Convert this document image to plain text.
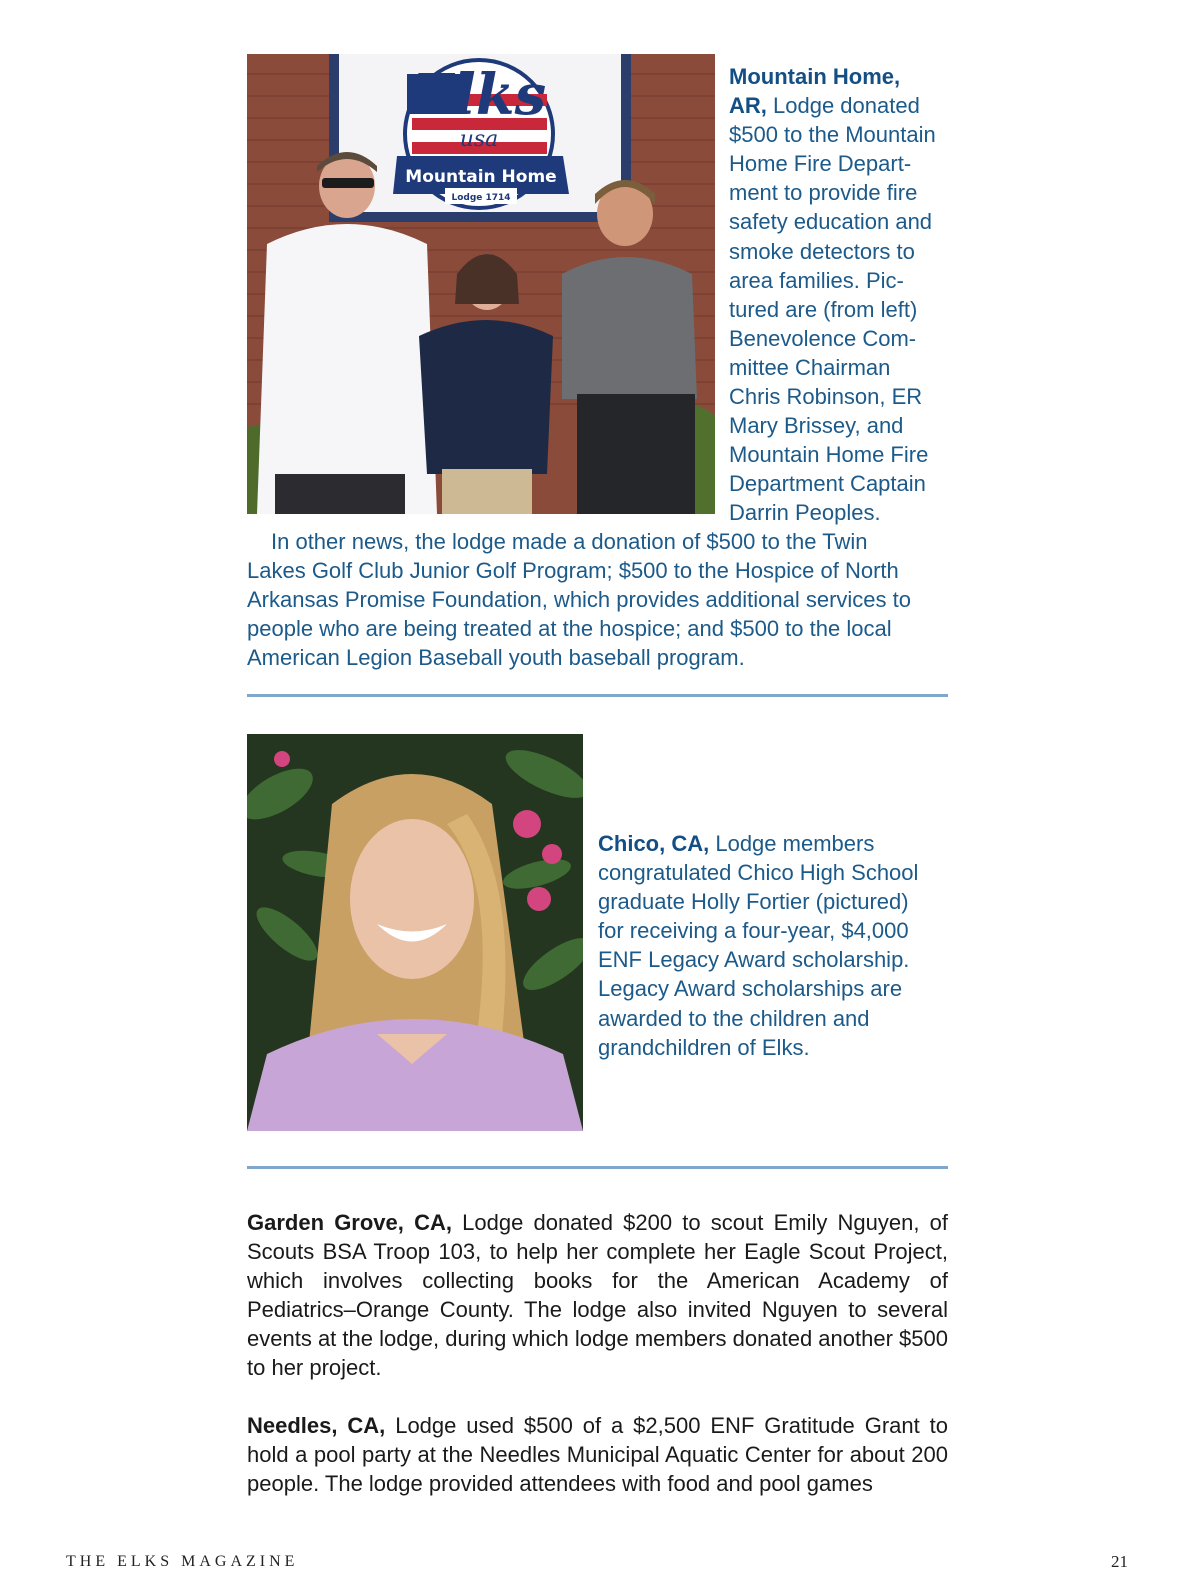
Elks
usa
Mountain Home
Lodge 1714
Mountain Home,
AR, Lodge donated
$500 to the Mountain
Home Fire Depart-
ment to provide fire
safety education and
smoke detectors to
area families. Pic-
tured are (from left)
Benevolence Com-
mittee Chairman
Chris Robinson, ER
Mary Brissey, and
Mountain Home Fire
Department Captain
Darrin Peoples.
In other news, the lodge made a donation of $500 to the Twin
Lakes Golf Club Junior Golf Program; $500 to the Hospice of North
Arkansas Promise Foundation, which provides additional services to
people who are being treated at the hospice; and $500 to the local
American Legion Baseball youth baseball program.
Chico, CA, Lodge members
congratulated Chico High School
graduate Holly Fortier (pictured)
for receiving a four-year, $4,000
ENF Legacy Award scholarship.
Legacy Award scholarships are
awarded to the children and
grandchildren of Elks.
Garden Grove, CA, Lodge donated $200 to scout Emily Nguyen, of Scouts BSA Troop 103, to help her complete her Eagle Scout Project, which involves collecting books for the American Academy of Pediatrics–Orange County. The lodge also invited Nguyen to several events at the lodge, during which lodge members donated another $500 to her project.
Needles, CA, Lodge used $500 of a $2,500 ENF Gratitude Grant to hold a pool party at the Needles Municipal Aquatic Center for about 200 people. The lodge provided attendees with food and pool games
THE ELKS MAGAZINE	21
